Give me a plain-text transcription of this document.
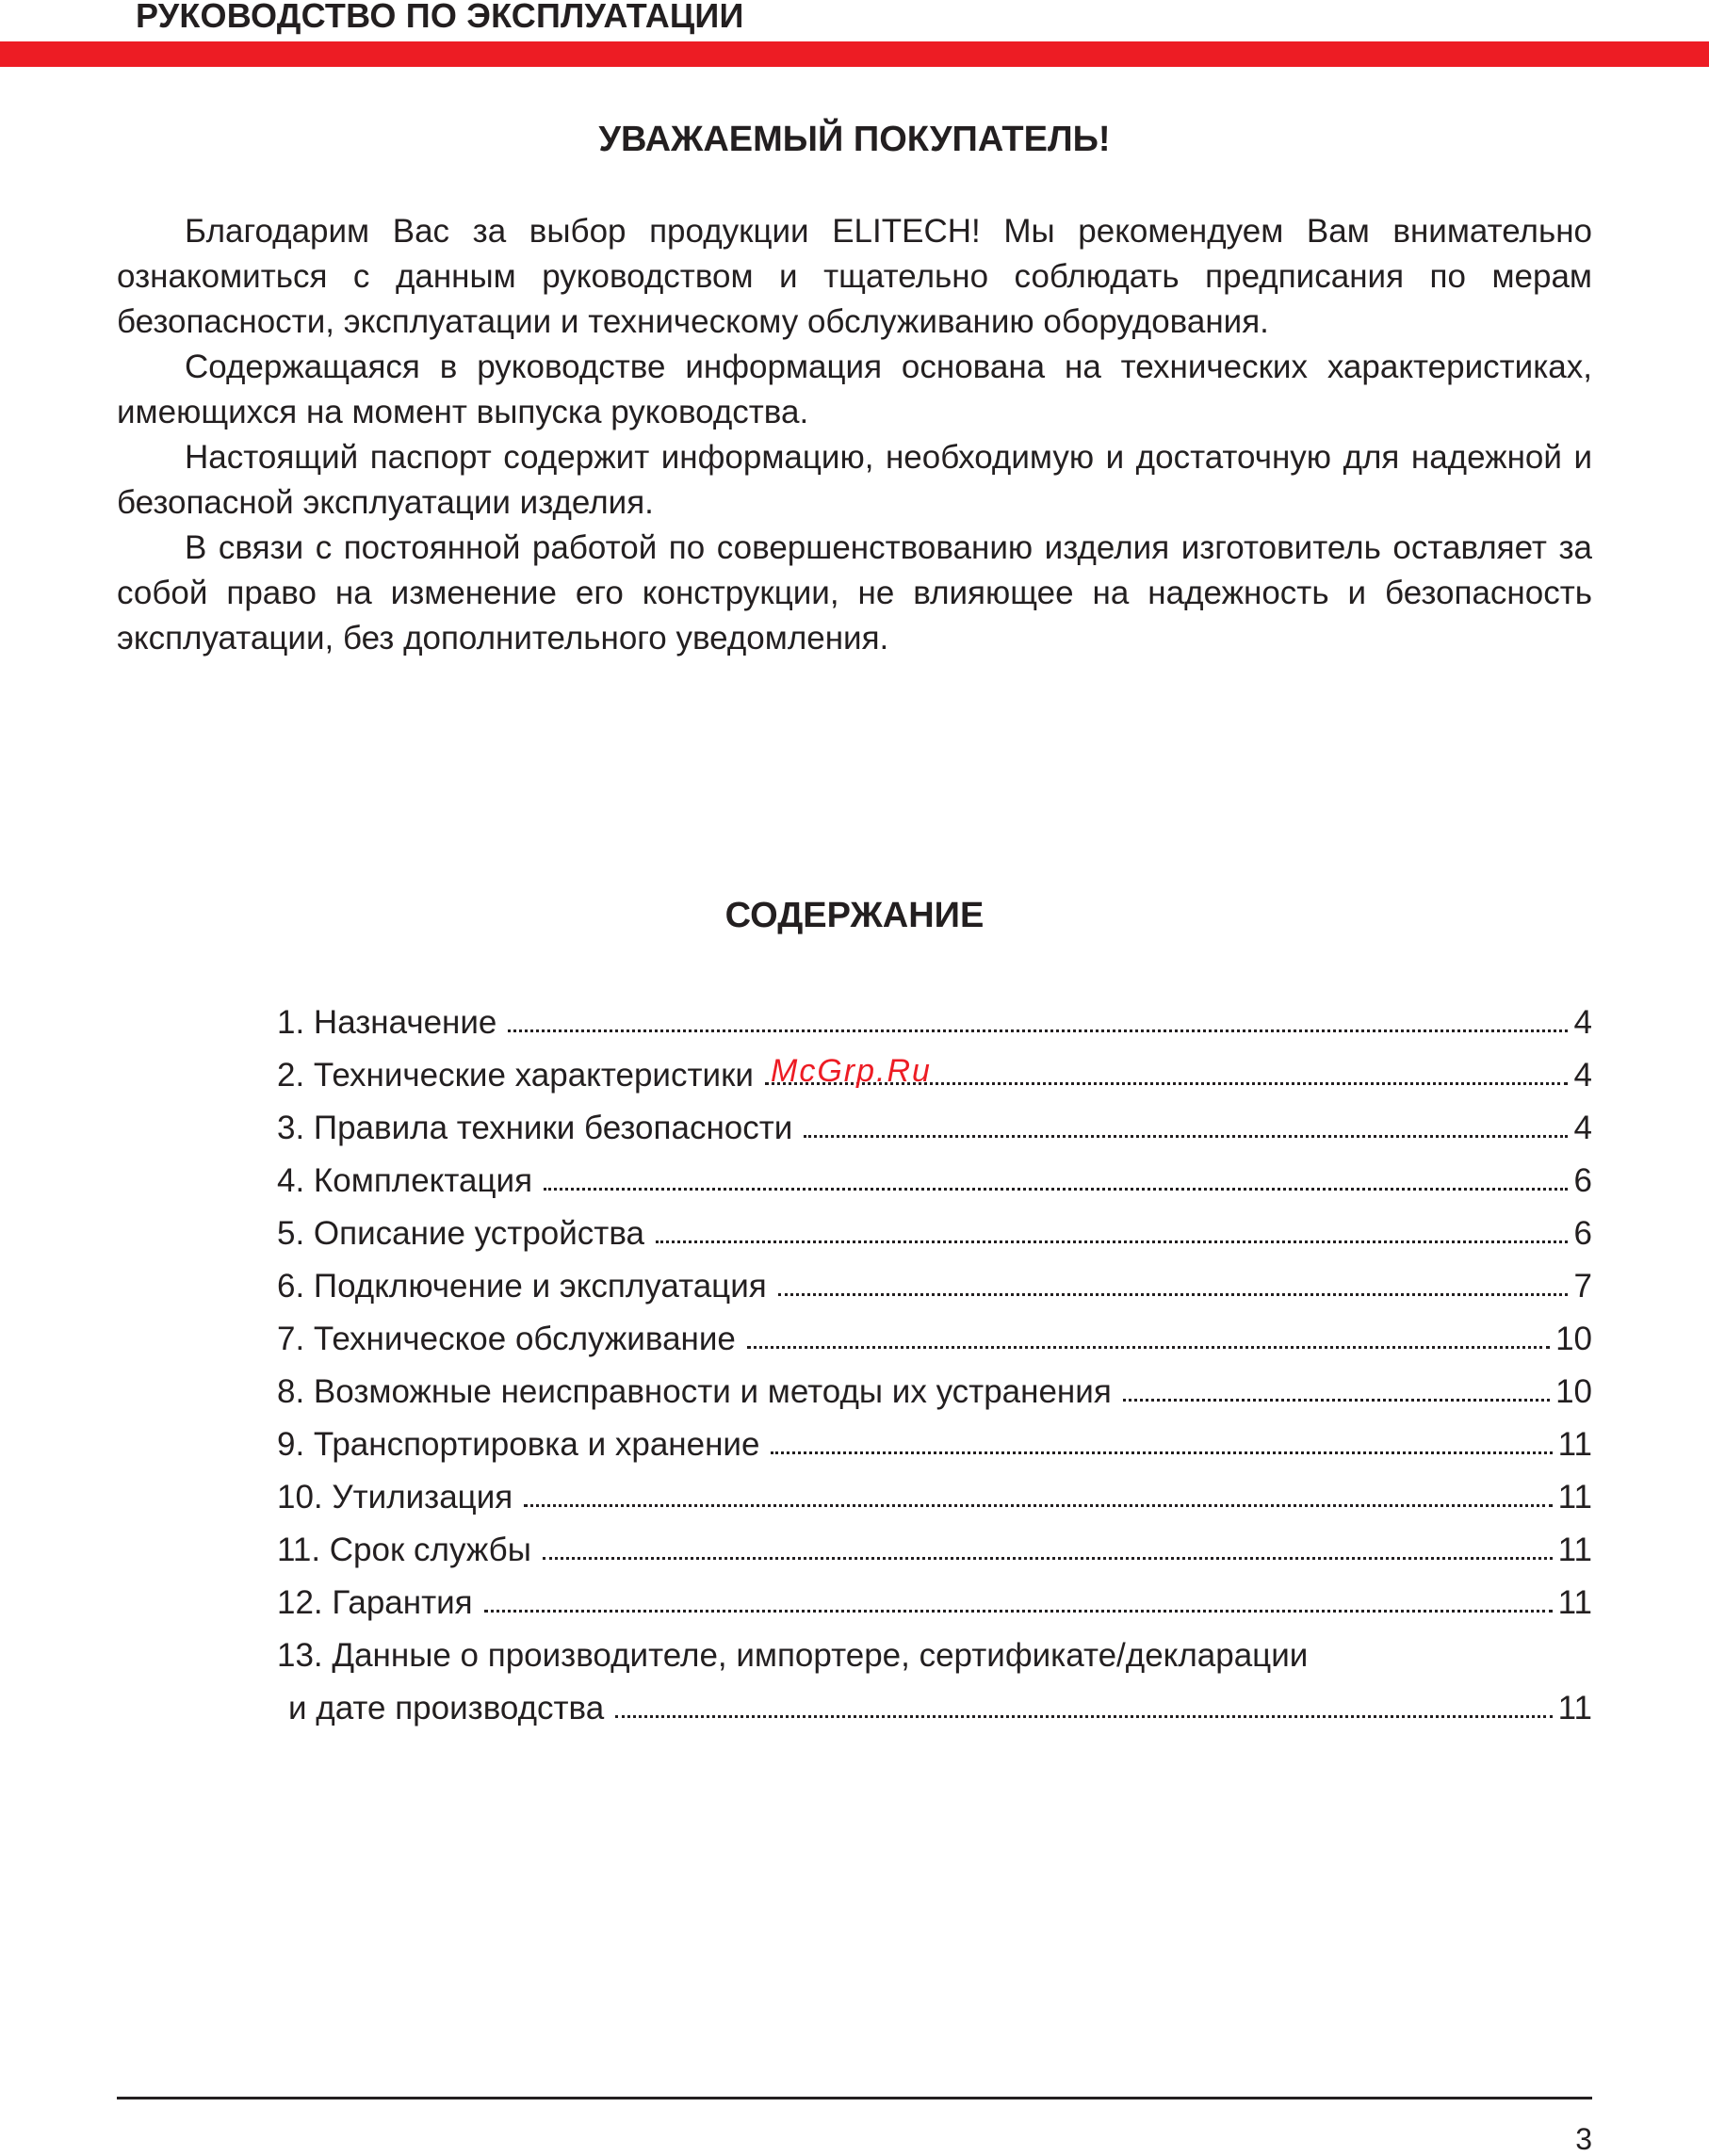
РУКОВОДСТВО ПО ЭКСПЛУАТАЦИИ
УВАЖАЕМЫЙ ПОКУПАТЕЛЬ!

Благодарим Вас за выбор продукции ELITECH! Мы рекомендуем Вам внимательно ознакомиться с данным руководством и тщательно соблюдать предписания по мерам безопасности, эксплуатации и техническому обслуживанию оборудования.

Содержащаяся в руководстве информация основана на технических характеристиках, имеющихся на момент выпуска руководства.

Настоящий паспорт содержит информацию, необходимую и достаточную для надежной и безопасной эксплуатации изделия.

В связи с постоянной работой по совершенствованию изделия изготовитель оставляет за собой право на изменение его конструкции, не влияющее на надежность и безопасность эксплуатации, без дополнительного уведомления.

СОДЕРЖАНИЕ
1. Назначение	4
2. Технические характеристики	4
3. Правила техники безопасности	4
4. Комплектация	6
5. Описание устройства	6
6. Подключение и эксплуатация	7
7. Техническое обслуживание	10
8. Возможные неисправности и методы их устранения	10
9. Транспортировка и хранение	11
10. Утилизация	11
11. Срок службы	11
12. Гарантия	11
13. Данные о производителе, импортере, сертификате/декларации
и дате производства	11
McGrp.Ru
3
